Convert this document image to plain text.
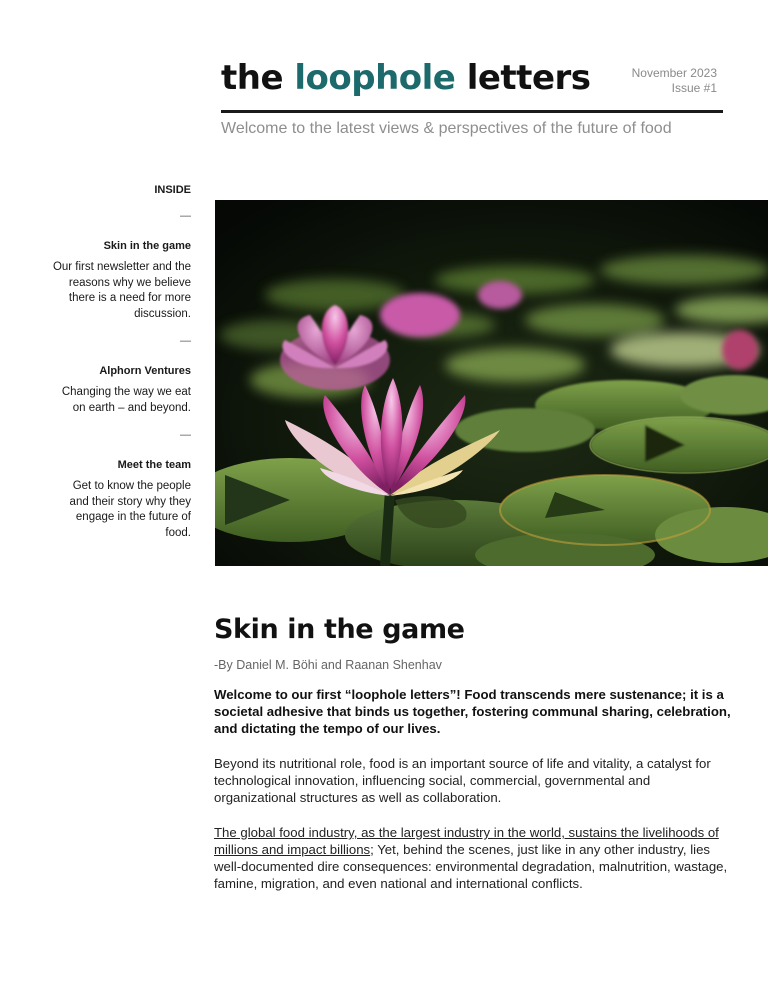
the loophole letters	November 2023
Issue #1

Welcome to the latest views & perspectives of the future of food

INSIDE

—

Skin in the game

Our first newsletter and the reasons why we believe there is a need for more discussion.

—

Alphorn Ventures

Changing the way we eat on earth – and beyond.

—

Meet the team

Get to know the people and their story why they engage in the future of food.

Skin in the game

-By Daniel M. Böhi and Raanan Shenhav

Welcome to our first “loophole letters”! Food transcends mere sustenance; it is a societal adhesive that binds us together, fostering communal sharing, celebration, and dictating the tempo of our lives.

Beyond its nutritional role, food is an important source of life and vitality, a catalyst for technological innovation, influencing social, commercial, governmental and organizational structures as well as collaboration.

The global food industry, as the largest industry in the world, sustains the livelihoods of millions and impact billions; Yet, behind the scenes, just like in any other industry, lies well-documented dire consequences: environmental degradation, malnutrition, wastage, famine, migration, and even national and international conflicts.
